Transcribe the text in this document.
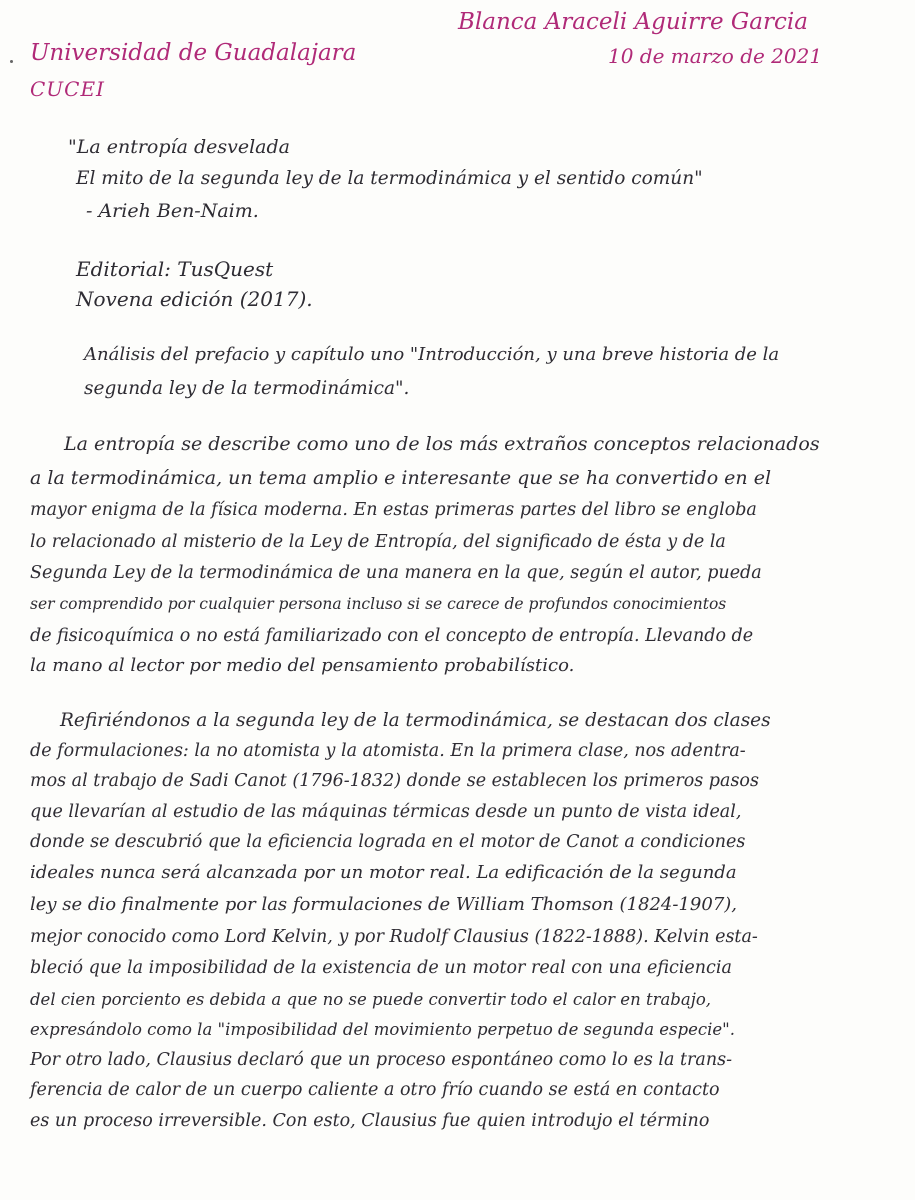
Universidad de Guadalajara
CUCEI
Blanca Araceli Aguirre Garcia
10 de marzo de 2021
"La entropía desvelada
El mito de la segunda ley de la termodinámica y el sentido común"
- Arieh Ben-Naim.
Editorial: TusQuest
Novena edición (2017).
Análisis del prefacio y capítulo uno "Introducción, y una breve historia de la
segunda ley de la termodinámica".
La entropía se describe como uno de los más extraños conceptos relacionados
a la termodinámica, un tema amplio e interesante que se ha convertido en el
mayor enigma de la física moderna. En estas primeras partes del libro se engloba
lo relacionado al misterio de la Ley de Entropía, del significado de ésta y de la
Segunda Ley de la termodinámica de una manera en la que, según el autor, pueda
ser comprendido por cualquier persona incluso si se carece de profundos conocimientos
de fisicoquímica o no está familiarizado con el concepto de entropía. Llevando de
la mano al lector por medio del pensamiento probabilístico.
Refiriéndonos a la segunda ley de la termodinámica, se destacan dos clases
de formulaciones: la no atomista y la atomista. En la primera clase, nos adentra-
mos al trabajo de Sadi Canot (1796-1832) donde se establecen los primeros pasos
que llevarían al estudio de las máquinas térmicas desde un punto de vista ideal,
donde se descubrió que la eficiencia lograda en el motor de Canot a condiciones
ideales nunca será alcanzada por un motor real. La edificación de la segunda
ley se dio finalmente por las formulaciones de William Thomson (1824-1907),
mejor conocido como Lord Kelvin, y por Rudolf Clausius (1822-1888). Kelvin esta-
bleció que la imposibilidad de la existencia de un motor real con una eficiencia
del cien porciento es debida a que no se puede convertir todo el calor en trabajo,
expresándolo como la "imposibilidad del movimiento perpetuo de segunda especie".
Por otro lado, Clausius declaró que un proceso espontáneo como lo es la trans-
ferencia de calor de un cuerpo caliente a otro frío cuando se está en contacto
es un proceso irreversible. Con esto, Clausius fue quien introdujo el término
